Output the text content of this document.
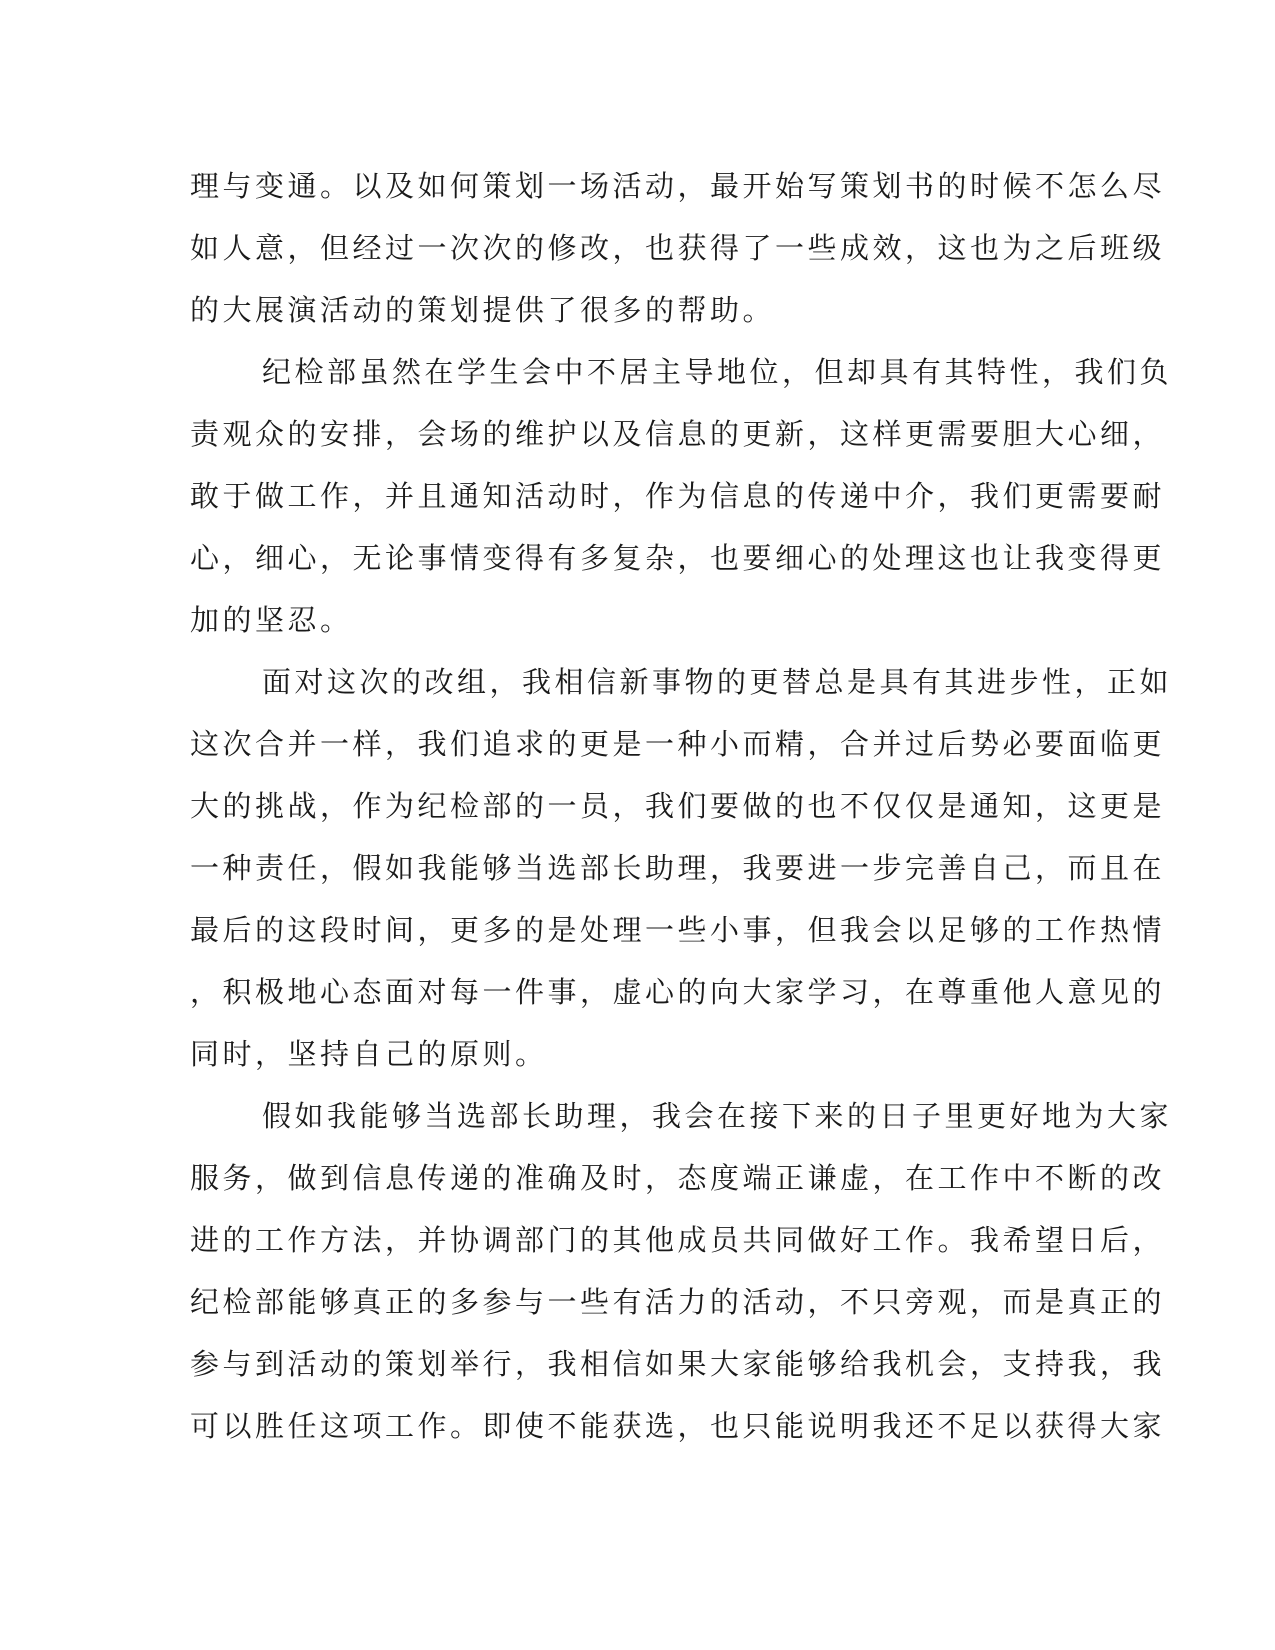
理与变通。以及如何策划一场活动，最开始写策划书的时候不怎么尽

如人意，但经过一次次的修改，也获得了一些成效，这也为之后班级

的大展演活动的策划提供了很多的帮助。

纪检部虽然在学生会中不居主导地位，但却具有其特性，我们负

责观众的安排，会场的维护以及信息的更新，这样更需要胆大心细，

敢于做工作，并且通知活动时，作为信息的传递中介，我们更需要耐

心，细心，无论事情变得有多复杂，也要细心的处理这也让我变得更

加的坚忍。

面对这次的改组，我相信新事物的更替总是具有其进步性，正如

这次合并一样，我们追求的更是一种小而精，合并过后势必要面临更

大的挑战，作为纪检部的一员，我们要做的也不仅仅是通知，这更是

一种责任，假如我能够当选部长助理，我要进一步完善自己，而且在

最后的这段时间，更多的是处理一些小事，但我会以足够的工作热情

，积极地心态面对每一件事，虚心的向大家学习，在尊重他人意见的

同时，坚持自己的原则。

假如我能够当选部长助理，我会在接下来的日子里更好地为大家

服务，做到信息传递的准确及时，态度端正谦虚，在工作中不断的改

进的工作方法，并协调部门的其他成员共同做好工作。我希望日后，

纪检部能够真正的多参与一些有活力的活动，不只旁观，而是真正的

参与到活动的策划举行，我相信如果大家能够给我机会，支持我，我

可以胜任这项工作。即使不能获选，也只能说明我还不足以获得大家
